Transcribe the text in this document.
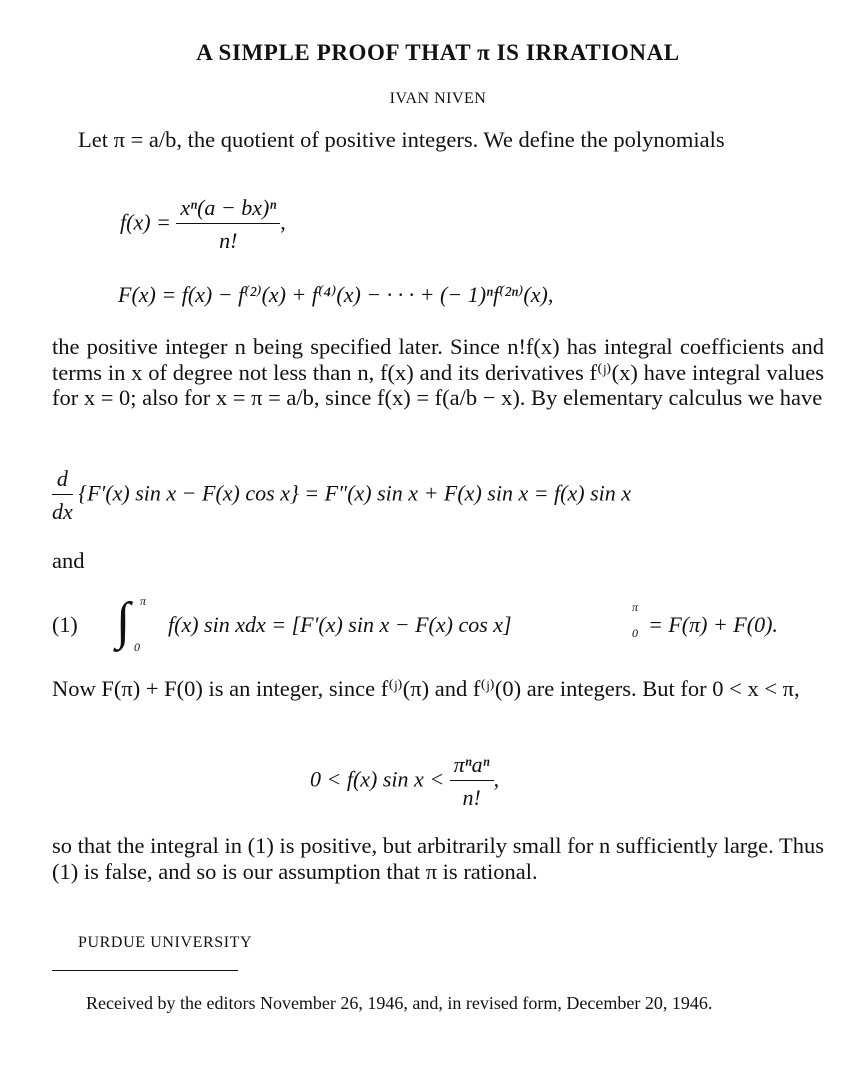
A SIMPLE PROOF THAT π IS IRRATIONAL
IVAN NIVEN
Let π = a/b, the quotient of positive integers. We define the polynomials
$f(x) = \frac{\text{xⁿ(a − bx)ⁿ}}{n!}$ ,
F(x) = f(x) − f⁽²⁾(x) + f⁽⁴⁾(x) − · · · + (− 1)ⁿf⁽²ⁿ⁾(x),
the positive integer n being specified later. Since n!f(x) has integral coefficients and terms in x of degree not less than n, f(x) and its derivatives f⁽ʲ⁾(x) have integral values for x = 0; also for x = π = a/b, since f(x) = f(a/b − x). By elementary calculus we have
$\frac{d}{dx} \{F'(x)$ sin x − F(x) cos x} = F″(x) sin x + F(x) sin x = f(x) sin x
and
(1) ∫ π
0
f(x) sin xdx = [F′(x) sin x − F(x) cos x]
π
0 = F(π) + F(0).
Now F(π) + F(0) is an integer, since f⁽ʲ⁾(π) and f⁽ʲ⁾(0) are integers. But for 0 < x < π,
0 < f(x) $\sin x < \frac{\text{πⁿaⁿ}}{n!}$ ,
so that the integral in (1) is positive, but arbitrarily small for n sufficiently large. Thus (1) is false, and so is our assumption that π is rational.
PURDUE UNIVERSITY
Received by the editors November 26, 1946, and, in revised form, December 20, 1946.
